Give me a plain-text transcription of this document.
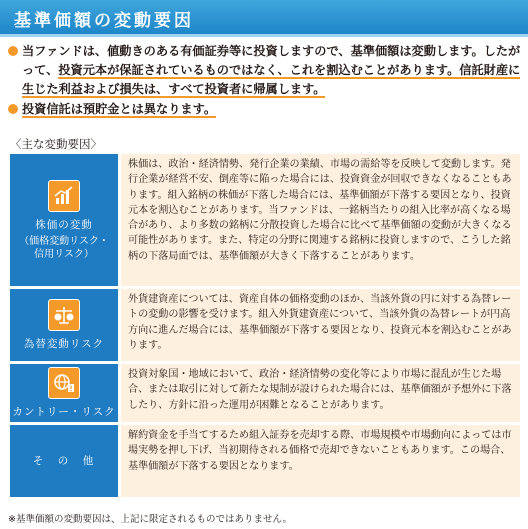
基準価額の変動要因
当ファンドは、値動きのある有価証券等に投資しますので、基準価額は変動します。したがって、投資元本が保証されているものではなく、これを割込むことがあります。信託財産に生じた利益および損失は、すべて投資者に帰属します。
投資信託は預貯金とは異なります。
〈主な変動要因〉
株価の変動
（価格変動リスク・
信用リスク）
株価は、政治・経済情勢、発行企業の業績、市場の需給等を反映して変動します。発行企業が経営不安、倒産等に陥った場合には、投資資金が回収できなくなることもあります。組入銘柄の株価が下落した場合には、基準価額が下落する要因となり、投資元本を割込むことがあります。当ファンドは、一銘柄当たりの組入比率が高くなる場合があり、より多数の銘柄に分散投資した場合に比べて基準価額の変動が大きくなる可能性があります。また、特定の分野に関連する銘柄に投資しますので、こうした銘柄の下落局面では、基準価額が大きく下落することがあります。
為替変動リスク
外貨建資産については、資産自体の価格変動のほか、当該外貨の円に対する為替レートの変動の影響を受けます。組入外貨建資産について、当該外貨の為替レートが円高方向に進んだ場合には、基準価額が下落する要因となり、投資元本を割込むことがあります。
カントリー・リスク
投資対象国・地域において、政治・経済情勢の変化等により市場に混乱が生じた場合、または取引に対して新たな規制が設けられた場合には、基準価額が予想外に下落したり、方針に沿った運用が困難となることがあります。
そ　の　他
解約資金を手当てするため組入証券を売却する際、市場規模や市場動向によっては市場実勢を押し下げ、当初期待される価格で売却できないこともあります。この場合、基準価額が下落する要因となります。
※基準価額の変動要因は、上記に限定されるものではありません。
